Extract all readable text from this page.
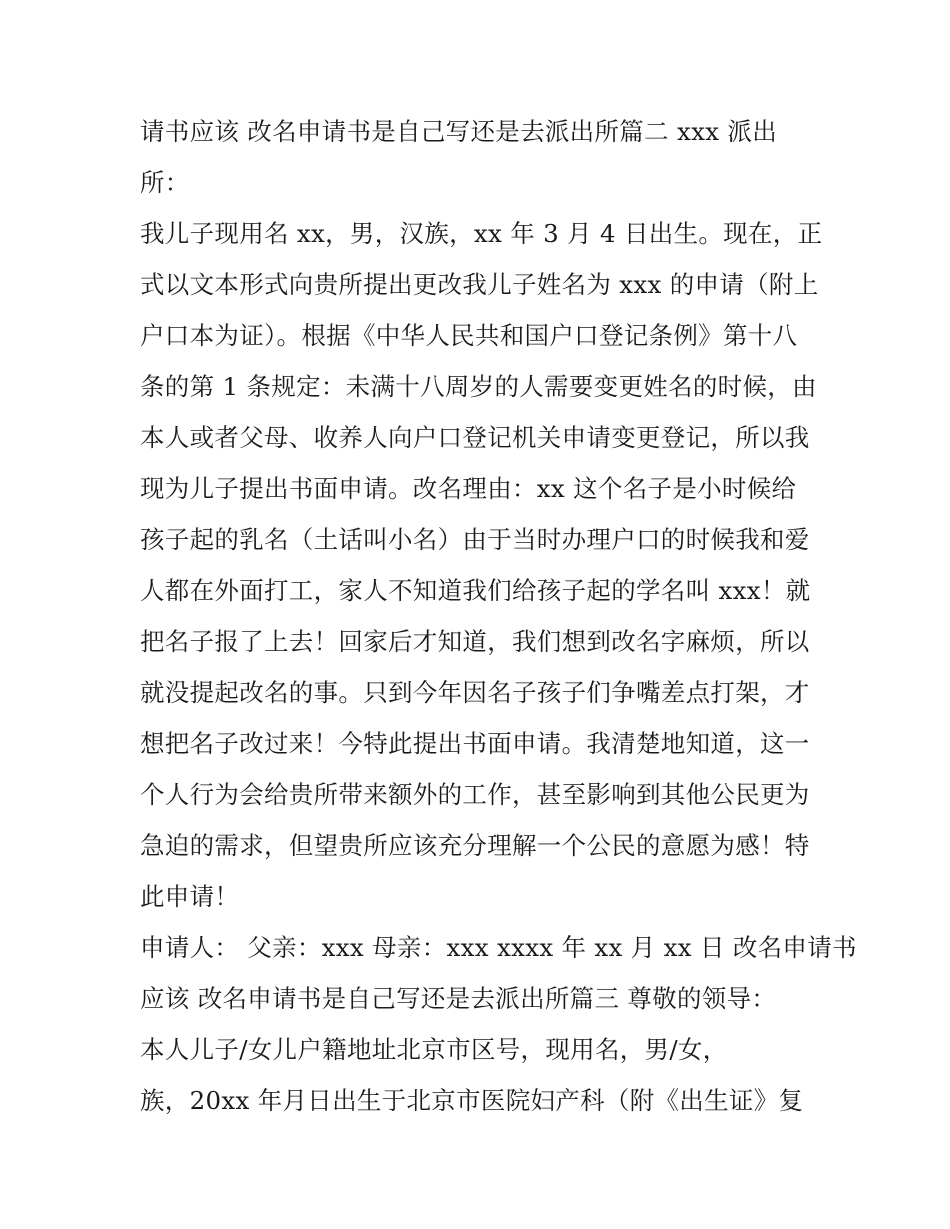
请书应该 改名申请书是自己写还是去派出所篇二 xxx 派出
所：
我儿子现用名 xx，男，汉族，xx 年 3 月 4 日出生。现在，正
式以文本形式向贵所提出更改我儿子姓名为 xxx 的申请（附上
户口本为证）。根据《中华人民共和国户口登记条例》第十八
条的第 1 条规定：未满十八周岁的人需要变更姓名的时候，由
本人或者父母、收养人向户口登记机关申请变更登记，所以我
现为儿子提出书面申请。改名理由：xx 这个名子是小时候给
孩子起的乳名（土话叫小名）由于当时办理户口的时候我和爱
人都在外面打工，家人不知道我们给孩子起的学名叫 xxx！就
把名子报了上去！回家后才知道，我们想到改名字麻烦，所以
就没提起改名的事。只到今年因名子孩子们争嘴差点打架，才
想把名子改过来！今特此提出书面申请。我清楚地知道，这一
个人行为会给贵所带来额外的工作，甚至影响到其他公民更为
急迫的需求，但望贵所应该充分理解一个公民的意愿为感！特
此申请！
申请人： 父亲：xxx 母亲：xxx xxxx 年 xx 月 xx 日 改名申请书
应该 改名申请书是自己写还是去派出所篇三 尊敬的领导：
本人儿子/女儿户籍地址北京市区号，现用名，男/女，
族，20xx 年月日出生于北京市医院妇产科（附《出生证》复
